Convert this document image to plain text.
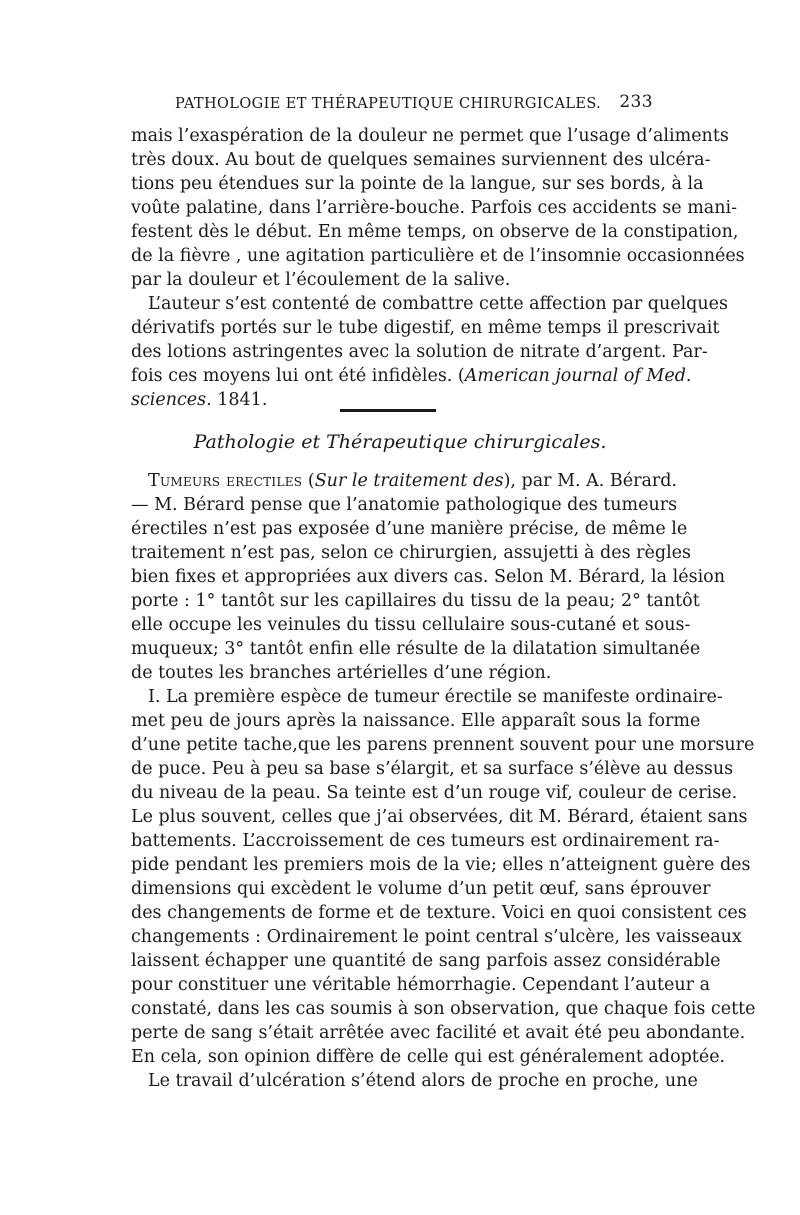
PATHOLOGIE ET THÉRAPEUTIQUE CHIRURGICALES. 233
mais l’exaspération de la douleur ne permet que l’usage d’aliments
très doux. Au bout de quelques semaines surviennent des ulcéra-
tions peu étendues sur la pointe de la langue, sur ses bords, à la
voûte palatine, dans l’arrière-bouche. Parfois ces accidents se mani-
festent dès le début. En même temps, on observe de la constipation,
de la fièvre , une agitation particulière et de l’insomnie occasionnées
par la douleur et l’écoulement de la salive.
L’auteur s’est contenté de combattre cette affection par quelques
dérivatifs portés sur le tube digestif, en même temps il prescrivait
des lotions astringentes avec la solution de nitrate d’argent. Par-
fois ces moyens lui ont été infidèles. (American journal of Med.
sciences. 1841.
Pathologie et Thérapeutique chirurgicales.
Tumeurs erectiles (Sur le traitement des), par M. A. Bérard.
— M. Bérard pense que l’anatomie pathologique des tumeurs
érectiles n’est pas exposée d’une manière précise, de même le
traitement n’est pas, selon ce chirurgien, assujetti à des règles
bien fixes et appropriées aux divers cas. Selon M. Bérard, la lésion
porte : 1° tantôt sur les capillaires du tissu de la peau; 2° tantôt
elle occupe les veinules du tissu cellulaire sous-cutané et sous-
muqueux; 3° tantôt enfin elle résulte de la dilatation simultanée
de toutes les branches artérielles d’une région.
I. La première espèce de tumeur érectile se manifeste ordinaire-
met peu de jours après la naissance. Elle apparaît sous la forme
d’une petite tache,que les parens prennent souvent pour une morsure
de puce. Peu à peu sa base s’élargit, et sa surface s’élève au dessus
du niveau de la peau. Sa teinte est d’un rouge vif, couleur de cerise.
Le plus souvent, celles que j’ai observées, dit M. Bérard, étaient sans
battements. L’accroissement de ces tumeurs est ordinairement ra-
pide pendant les premiers mois de la vie; elles n’atteignent guère des
dimensions qui excèdent le volume d’un petit œuf, sans éprouver
des changements de forme et de texture. Voici en quoi consistent ces
changements : Ordinairement le point central s’ulcère, les vaisseaux
laissent échapper une quantité de sang parfois assez considérable
pour constituer une véritable hémorrhagie. Cependant l’auteur a
constaté, dans les cas soumis à son observation, que chaque fois cette
perte de sang s’était arrêtée avec facilité et avait été peu abondante.
En cela, son opinion diffère de celle qui est généralement adoptée.
Le travail d’ulcération s’étend alors de proche en proche, une
